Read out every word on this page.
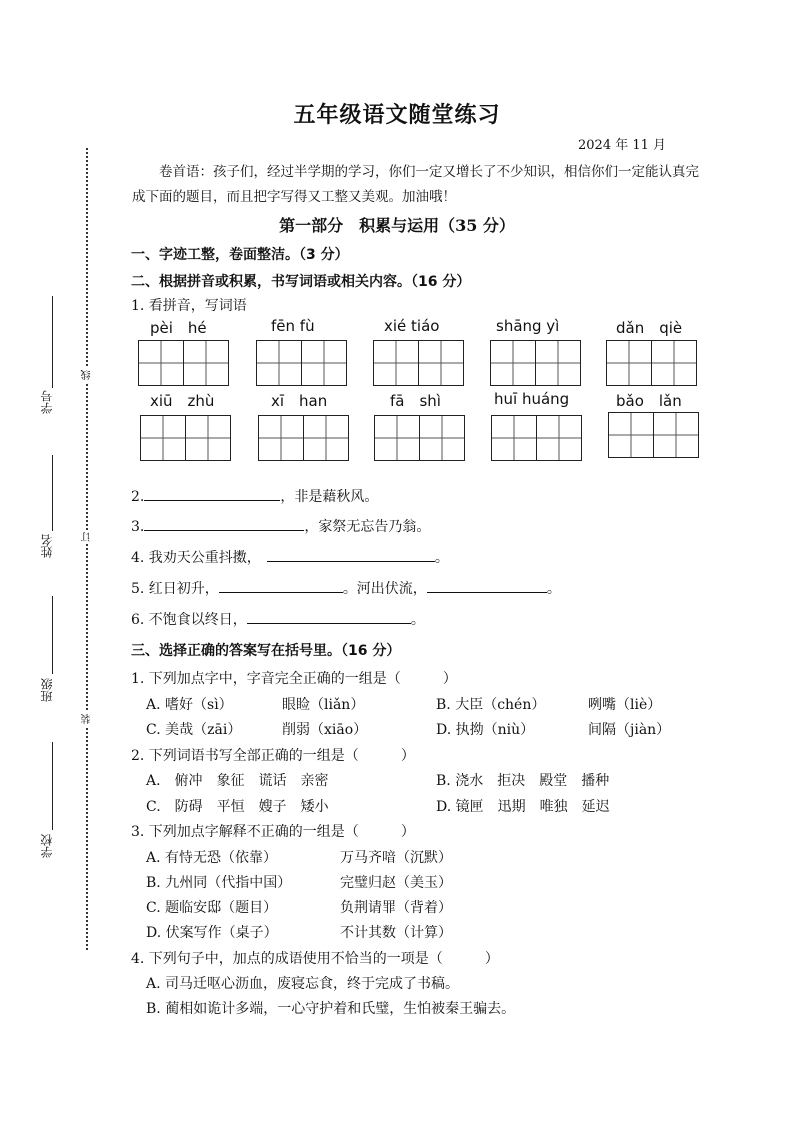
五年级语文随堂练习
2024 年 11 月
卷首语：孩子们，经过半学期的学习，你们一定又增长了不少知识，相信你们一定能认真完成下面的题目，而且把字写得又工整又美观。加油哦！
第一部分　积累与运用（35 分）
一、字迹工整，卷面整洁。（3 分）
二、根据拼音或积累，书写词语或相关内容。（16 分）
1. 看拼音，写词语
pèi　hé	fēn fù	xié tiáo	shāng yì	dǎn　qiè
xiū　zhù	xī　han	fā　shì	huī huáng	bǎo　lǎn
2.	，非是藉秋风。
3.	，家祭无忘告乃翁。
4. 我劝天公重抖擞，	。
5. 红日初升，	。河出伏流，	。
6. 不饱食以终日，	。
三、选择正确的答案写在括号里。（16 分）
1. 下列加点字中，字音完全正确的一组是（	）
A. 嗜好（sì）	眼睑（liǎn）	B. 大臣（chén）	咧嘴（liè）
C. 美哉（zāi）	削弱（xiāo）	D. 执拗（niù）	间隔（jiàn）
2. 下列词语书写全部正确的一组是（	）
A.　俯冲　象征　谎话　亲密	B. 浇水　拒决　殿堂　播种
C.　防碍　平恒　嫂子　矮小	D. 镜匣　迅期　唯独　延迟
3. 下列加点字解释不正确的一组是（	）
A. 有恃无恐（依靠）	万马齐喑（沉默）
B. 九州同（代指中国）	完璧归赵（美玉）
C. 题临安邸（题目）	负荆请罪（背着）
D. 伏案写作（桌子）	不计其数（计算）
4. 下列句子中，加点的成语使用不恰当的一项是（	）
A. 司马迁呕心沥血，废寝忘食，终于完成了书稿。
B. 蔺相如诡计多端，一心守护着和氏璧，生怕被秦王骗去。
线
订
装
学号
姓名
班级
学校
